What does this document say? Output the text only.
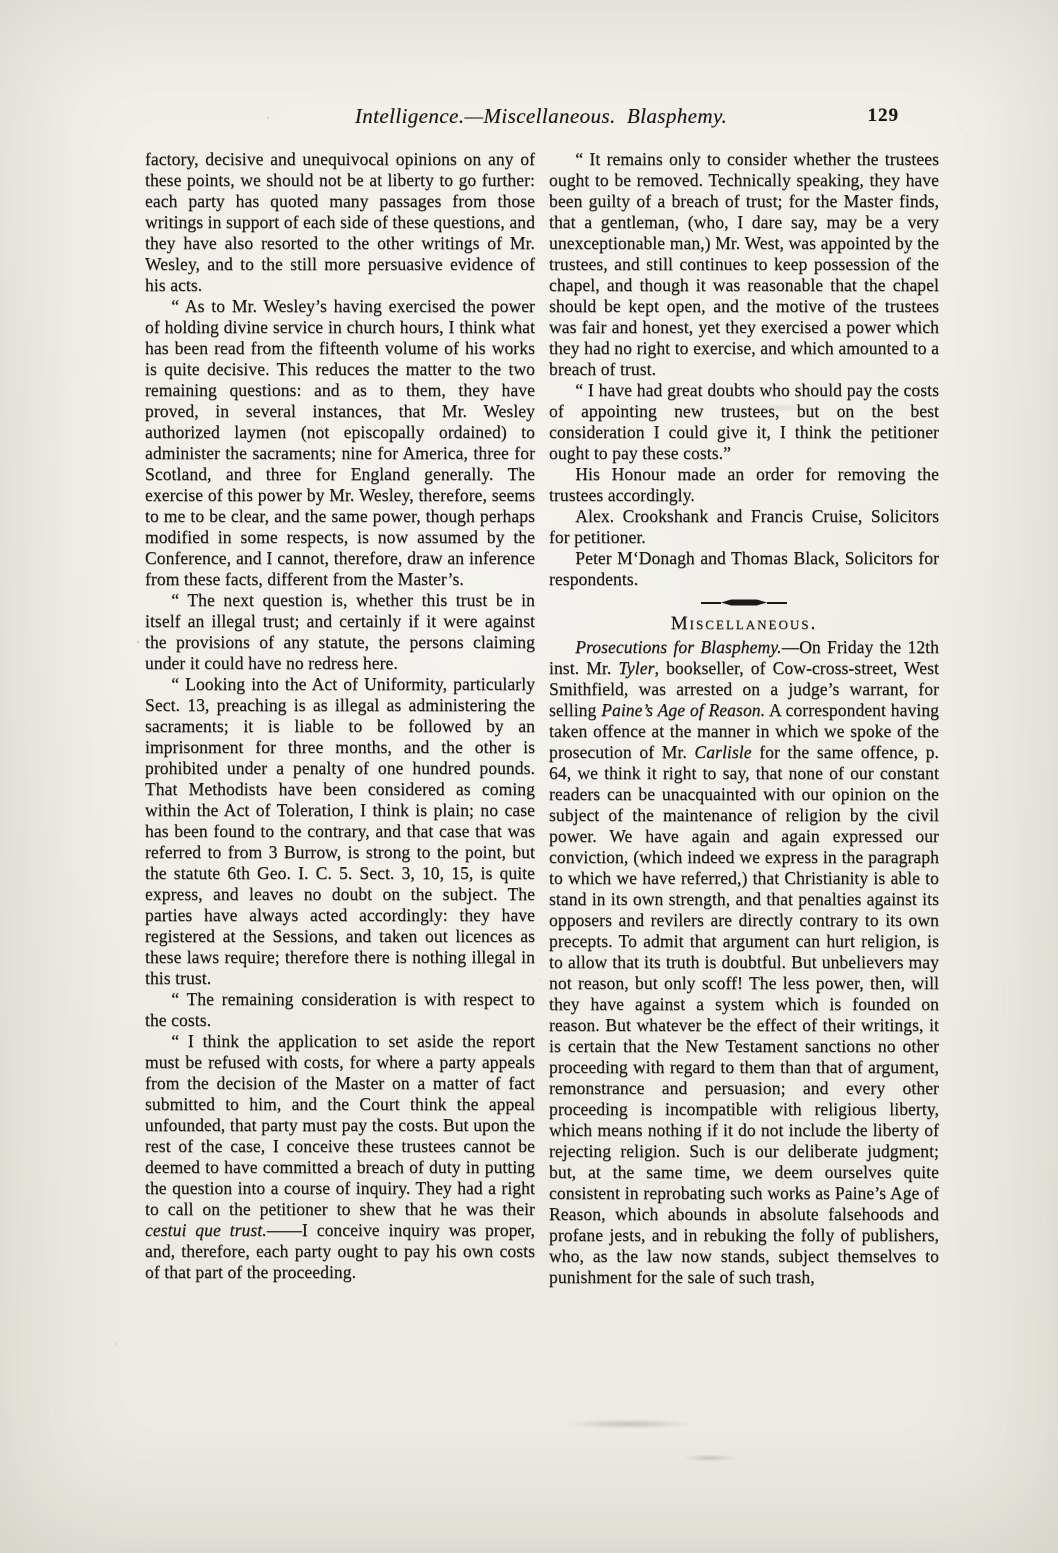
Intelligence.—Miscellaneous.  Blasphemy.	129

factory, decisive and unequivocal opinions on any of these points, we should not be at liberty to go further: each party has quoted many passages from those writings in support of each side of these questions, and they have also resorted to the other writings of Mr. Wesley, and to the still more persuasive evidence of his acts.

“ As to Mr. Wesley’s having exercised the power of holding divine service in church hours, I think what has been read from the fifteenth volume of his works is quite decisive. This reduces the matter to the two remaining questions: and as to them, they have proved, in several instances, that Mr. Wesley authorized laymen (not episcopally ordained) to administer the sacraments; nine for America, three for Scotland, and three for England generally. The exercise of this power by Mr. Wesley, therefore, seems to me to be clear, and the same power, though perhaps modified in some respects, is now assumed by the Conference, and I cannot, therefore, draw an inference from these facts, different from the Master’s.

“ The next question is, whether this trust be in itself an illegal trust; and certainly if it were against the provisions of any statute, the persons claiming under it could have no redress here.

“ Looking into the Act of Uniformity, particularly Sect. 13, preaching is as illegal as administering the sacraments; it is liable to be followed by an imprisonment for three months, and the other is prohibited under a penalty of one hundred pounds. That Methodists have been considered as coming within the Act of Toleration, I think is plain; no case has been found to the contrary, and that case that was referred to from 3 Burrow, is strong to the point, but the statute 6th Geo. I. C. 5. Sect. 3, 10, 15, is quite express, and leaves no doubt on the subject. The parties have always acted accordingly: they have registered at the Sessions, and taken out licences as these laws require; therefore there is nothing illegal in this trust.

“ The remaining consideration is with respect to the costs.

“ I think the application to set aside the report must be refused with costs, for where a party appeals from the decision of the Master on a matter of fact submitted to him, and the Court think the appeal unfounded, that party must pay the costs. But upon the rest of the case, I conceive these trustees cannot be deemed to have committed a breach of duty in putting the question into a course of inquiry. They had a right to call on the petitioner to shew that he was their cestui que trust.——I conceive inquiry was proper, and, therefore, each party ought to pay his own costs of that part of the proceeding.

“ It remains only to consider whether the trustees ought to be removed. Technically speaking, they have been guilty of a breach of trust; for the Master finds, that a gentleman, (who, I dare say, may be a very unexceptionable man,) Mr. West, was appointed by the trustees, and still continues to keep possession of the chapel, and though it was reasonable that the chapel should be kept open, and the motive of the trustees was fair and honest, yet they exercised a power which they had no right to exercise, and which amounted to a breach of trust.

“ I have had great doubts who should pay the costs of appointing new trustees, but on the best consideration I could give it, I think the petitioner ought to pay these costs.”

His Honour made an order for removing the trustees accordingly.

Alex. Crookshank and Francis Cruise, Solicitors for petitioner.

Peter M‘Donagh and Thomas Black, Solicitors for respondents.

Miscellaneous.

Prosecutions for Blasphemy.—On Friday the 12th inst. Mr. Tyler, bookseller, of Cow-cross-street, West Smithfield, was arrested on a judge’s warrant, for selling Paine’s Age of Reason. A correspondent having taken offence at the manner in which we spoke of the prosecution of Mr. Carlisle for the same offence, p. 64, we think it right to say, that none of our constant readers can be unacquainted with our opinion on the subject of the maintenance of religion by the civil power. We have again and again expressed our conviction, (which indeed we express in the paragraph to which we have referred,) that Christianity is able to stand in its own strength, and that penalties against its opposers and revilers are directly contrary to its own precepts. To admit that argument can hurt religion, is to allow that its truth is doubtful. But unbelievers may not reason, but only scoff! The less power, then, will they have against a system which is founded on reason. But whatever be the effect of their writings, it is certain that the New Testament sanctions no other proceeding with regard to them than that of argument, remonstrance and persuasion; and every other proceeding is incompatible with religious liberty, which means nothing if it do not include the liberty of rejecting religion. Such is our deliberate judgment; but, at the same time, we deem ourselves quite consistent in reprobating such works as Paine’s Age of Reason, which abounds in absolute falsehoods and profane jests, and in rebuking the folly of publishers, who, as the law now stands, subject themselves to punishment for the sale of such trash,
